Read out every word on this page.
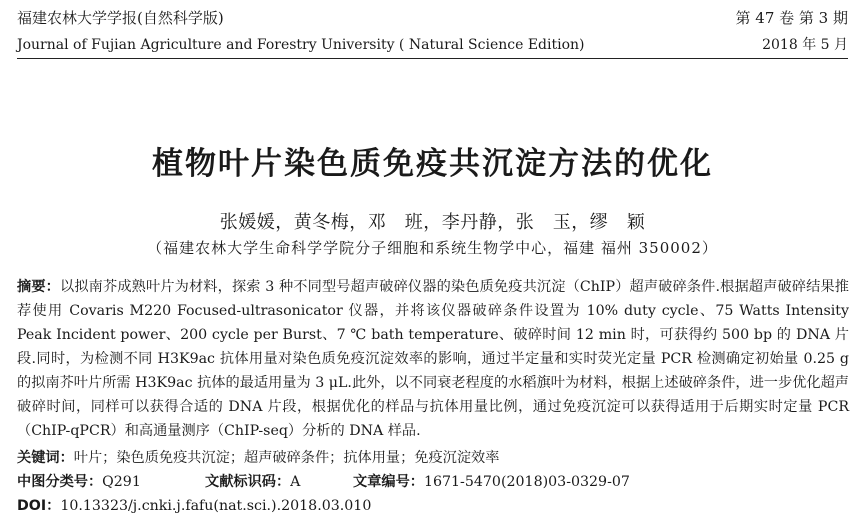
福建农林大学学报(自然科学版)	第 47 卷 第 3 期
Journal of Fujian Agriculture and Forestry University ( Natural Science Edition)	2018 年 5 月
植物叶片染色质免疫共沉淀方法的优化
张媛媛，黄冬梅，邓　班，李丹静，张　玉，缪　颖
（福建农林大学生命科学学院分子细胞和系统生物学中心，福建 福州 350002）
摘要：以拟南芥成熟叶片为材料，探索 3 种不同型号超声破碎仪器的染色质免疫共沉淀（ChIP）超声破碎条件.根据超声破碎结果推荐使用 Covaris M220 Focused-ultrasonicator 仪器，并将该仪器破碎条件设置为 10% duty cycle、75 Watts Intensity Peak Incident power、200 cycle per Burst、7 ℃ bath temperature、破碎时间 12 min 时，可获得约 500 bp 的 DNA 片段.同时，为检测不同 H3K9ac 抗体用量对染色质免疫沉淀效率的影响，通过半定量和实时荧光定量 PCR 检测确定初始量 0.25 g 的拟南芥叶片所需 H3K9ac 抗体的最适用量为 3 μL.此外，以不同衰老程度的水稻旗叶为材料，根据上述破碎条件，进一步优化超声破碎时间，同样可以获得合适的 DNA 片段，根据优化的样品与抗体用量比例，通过免疫沉淀可以获得适用于后期实时定量 PCR（ChIP-qPCR）和高通量测序（ChIP-seq）分析的 DNA 样品.
关键词：叶片；染色质免疫共沉淀；超声破碎条件；抗体用量；免疫沉淀效率
中图分类号：Q291	文献标识码：A	文章编号：1671-5470(2018)03-0329-07
DOI：10.13323/j.cnki.j.fafu(nat.sci.).2018.03.010
